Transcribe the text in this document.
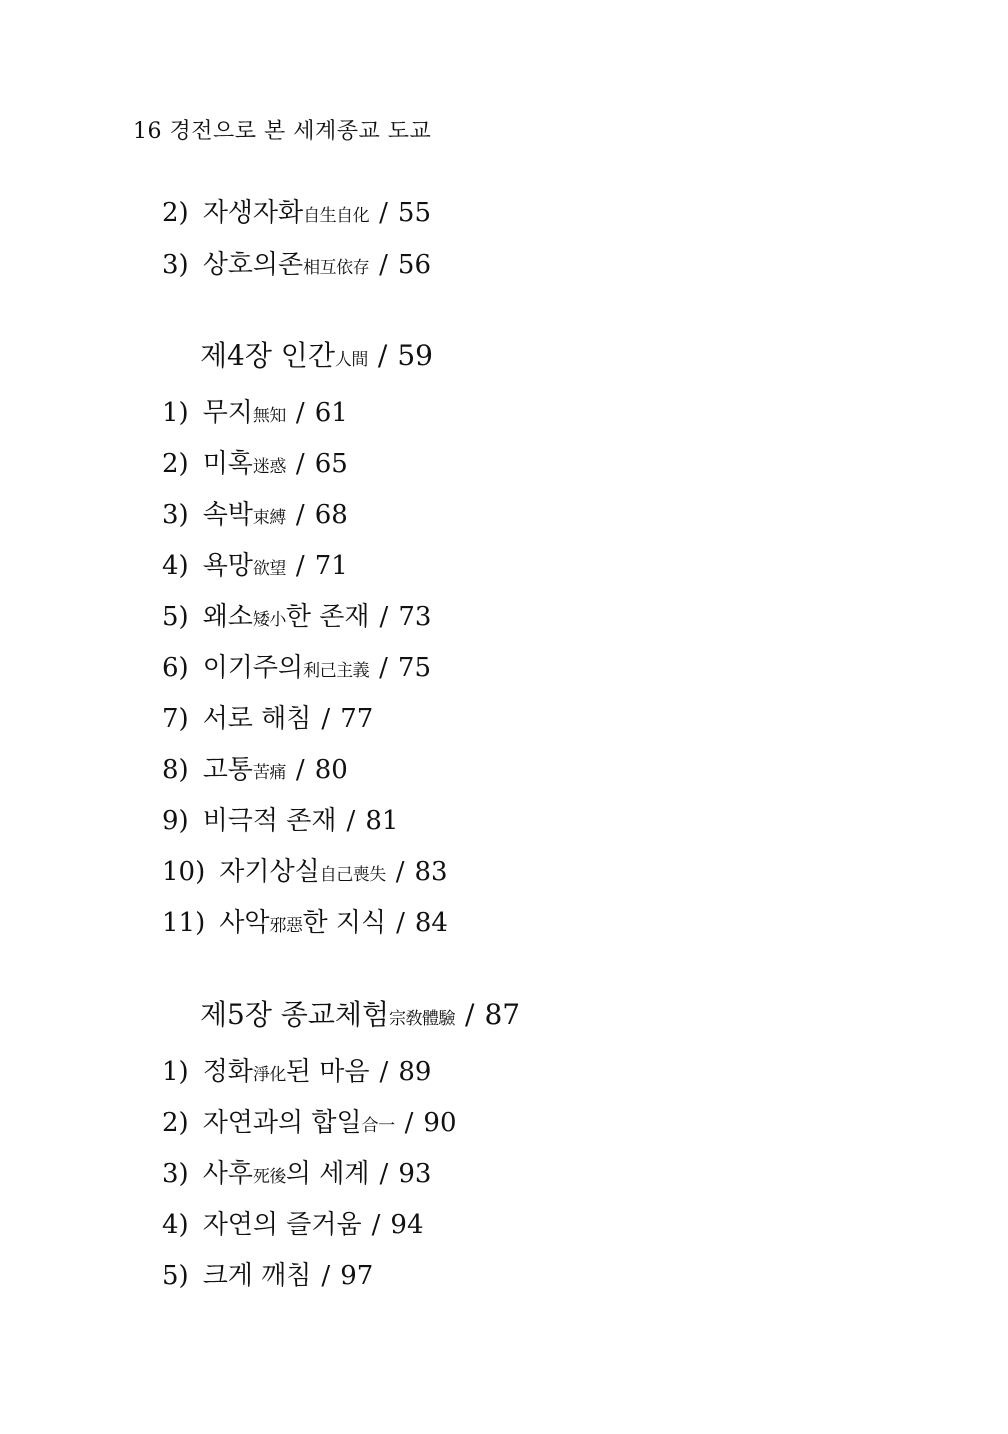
16 경전으로 본 세계종교 도교
2) 자생자화自生自化 / 55
3) 상호의존相互依存 / 56
제4장 인간人間 / 59
1) 무지無知 / 61
2) 미혹迷惑 / 65
3) 속박束縛 / 68
4) 욕망欲望 / 71
5) 왜소矮小한 존재 / 73
6) 이기주의利己主義 / 75
7) 서로 해침 / 77
8) 고통苦痛 / 80
9) 비극적 존재 / 81
10) 자기상실自己喪失 / 83
11) 사악邪惡한 지식 / 84
제5장 종교체험宗敎體驗 / 87
1) 정화淨化된 마음 / 89
2) 자연과의 합일合一 / 90
3) 사후死後의 세계 / 93
4) 자연의 즐거움 / 94
5) 크게 깨침 / 97
